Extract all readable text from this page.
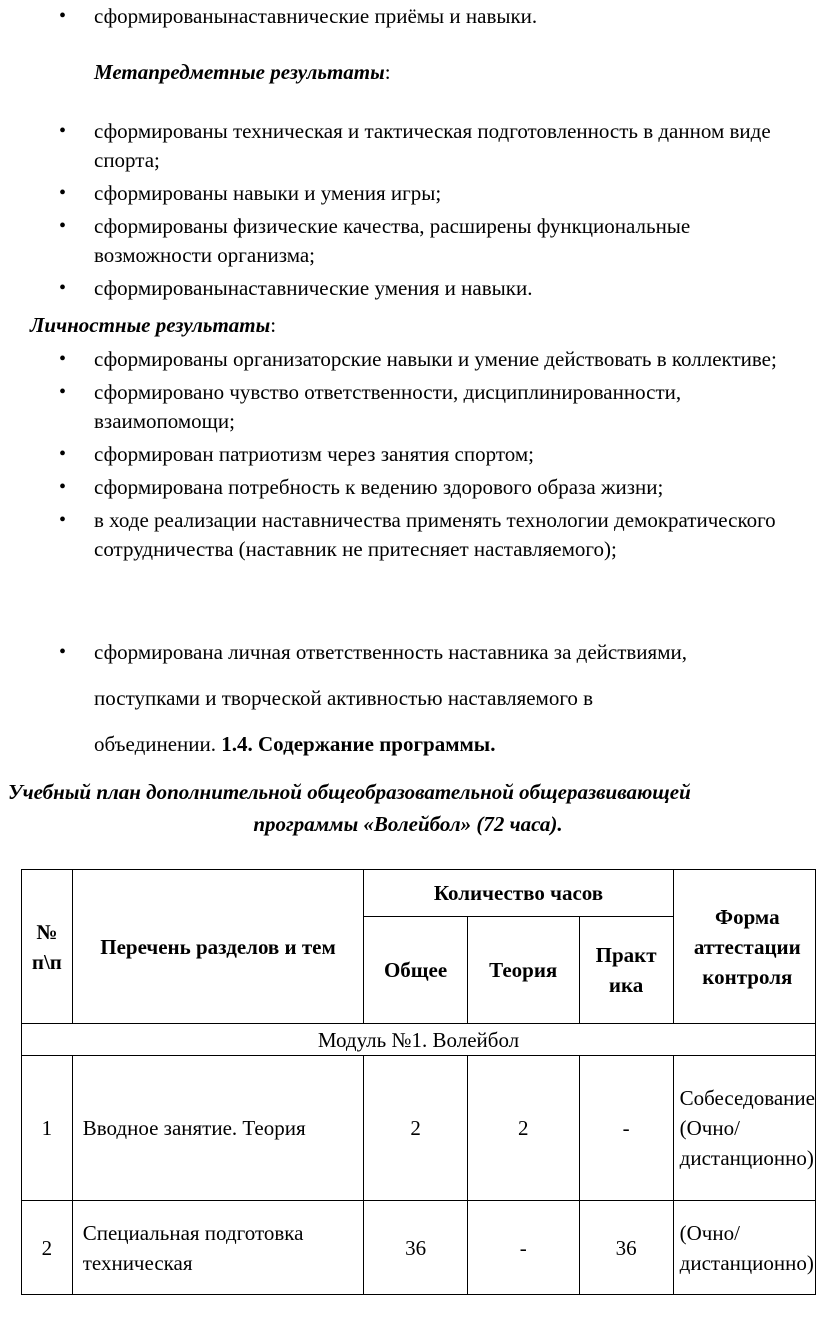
• сформированынаставнические приёмы и навыки.
Метапредметные результаты:
• сформированы техническая и тактическая подготовленность в данном виде спорта;
• сформированы навыки и умения игры;
• сформированы физические качества, расширены функциональные возможности организма;
• сформированынаставнические умения и навыки.
Личностные результаты:
• сформированы организаторские навыки и умение действовать в коллективе;
• сформировано чувство ответственности, дисциплинированности, взаимопомощи;
• сформирован патриотизм через занятия спортом;
• сформирована потребность к ведению здорового образа жизни;
• в ходе реализации наставничества применять технологии демократического сотрудничества (наставник не притесняет наставляемого);
• сформирована личная ответственность наставника за действиями,
поступками и творческой активностью наставляемого в
объединении. 1.4. Содержание программы.
Учебный план дополнительной общеобразовательной общеразвивающей
программы «Волейбол» (72 часа).
№ п\п	Перечень разделов и тем	Количество часов			Форма аттестации контроля
		Общее	Теория	Практ ика	
Модуль №1. Волейбол					
1	Вводное занятие. Теория	2	2	-	Собеседование (Очно/дистанционно)
2	Специальная подготовка техническая	36	-	36	(Очно/дистанционно)
